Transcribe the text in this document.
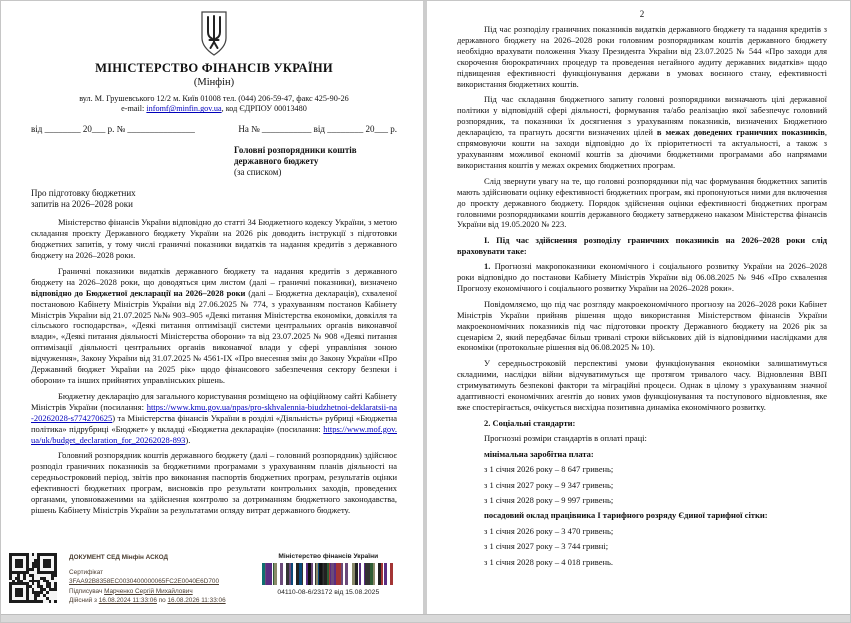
МІНІСТЕРСТВО ФІНАНСІВ УКРАЇНИ
(Мінфін)
вул. М. Грушевського 12/2 м. Київ 01008 тел. (044) 206-59-47, факс 425-90-26
e-mail: infomf@minfin.gov.ua, код ЄДРПОУ 00013480
від ________ 20___ р. № _______________	На № ___________ від ________ 20___ р.
Головні розпорядники коштів
державного бюджету
(за списком)
Про підготовку бюджетних
запитів на 2026–2028 роки

Міністерство фінансів України відповідно до статті 34 Бюджетного кодексу України, з метою складання проєкту Державного бюджету України на 2026 рік доводить інструкції з підготовки бюджетних запитів, у тому числі граничні показники видатків та надання кредитів з державного бюджету на 2026–2028 роки.

Граничні показники видатків державного бюджету та надання кредитів з державного бюджету на 2026–2028 роки, що доводяться цим листом (далі – граничні показники), визначено відповідно до Бюджетної декларації на 2026–2028 роки (далі – Бюджетна декларація), схваленої постановою Кабінету Міністрів України від 27.06.2025 № 774, з урахуванням постанов Кабінету Міністрів України від 21.07.2025 №№ 903–905 «Деякі питання Міністерства економіки, довкілля та сільського господарства», «Деякі питання оптимізації системи центральних органів виконавчої влади», «Деякі питання діяльності Міністерства оборони» та від 23.07.2025 № 908 «Деякі питання оптимізації діяльності центральних органів виконавчої влади у сфері управління зоною відчуження», Закону України від 31.07.2025 № 4561-ІХ «Про внесення змін до Закону України «Про Державний бюджет України на 2025 рік» щодо фінансового забезпечення сектору безпеки і оборони» та інших прийнятих управлінських рішень.

Бюджетну декларацію для загального користування розміщено на офіційному сайті Кабінету Міністрів України (посилання: https://www.kmu.gov.ua/npas/pro-skhvalennia-biudzhetnoi-deklaratsii-na-20262028-s774270625) та Міністерства фінансів України в розділі «Діяльність» рубриці «Бюджетна політика» підрубриці «Бюджет» у вкладці «Бюджетна декларація» (посилання: https://www.mof.gov.ua/uk/budget_declaration_for_20262028-893).

Головний розпорядник коштів державного бюджету (далі – головний розпорядник) здійснює розподіл граничних показників за бюджетними програмами з урахуванням планів діяльності на середньостроковий період, звітів про виконання паспортів бюджетних програм, результатів оцінки ефективності бюджетних програм, висновків про результати контрольних заходів, проведених органами, уповноваженими на здійснення контролю за дотриманням бюджетного законодавства, рішень Кабінету Міністрів України за результатами огляду витрат державного бюджету.

ДОКУМЕНТ СЕД Мінфін АСКОД
Сертифікат 3FAA92B8358EC0030400000065FC2E0040E6D700
Підписувач Марченко Сергій Михайлович
Дійсний з 16.08.2024 11:33:06 по 16.08.2026 11:33:06
Міністерство фінансів України
04110-08-6/23172 від 15.08.2025
2

Під час розподілу граничних показників видатків державного бюджету та надання кредитів з державного бюджету на 2026–2028 роки головним розпорядникам коштів державного бюджету необхідно врахувати положення Указу Президента України від 23.07.2025 № 544 «Про заходи для скорочення бюрократичних процедур та проведення негайного аудиту державних видатків» щодо підвищення ефективності функціонування держави в умовах воєнного стану, ефективності використання бюджетних коштів.

Під час складання бюджетного запиту головні розпорядники визначають цілі державної політики у відповідній сфері діяльності, формування та/або реалізацію якої забезпечує головний розпорядник, та показники їх досягнення з урахуванням показників, визначених Бюджетною декларацією, та прагнуть досягти визначених цілей в межах доведених граничних показників, спрямовуючи кошти на заходи відповідно до їх пріоритетності та актуальності, а також з урахуванням можливої економії коштів за діючими бюджетними програмами або напрямами використання коштів у межах окремих бюджетних програм.

Слід звернути увагу на те, що головні розпорядники під час формування бюджетних запитів мають здійснювати оцінку ефективності бюджетних програм, які пропонуються ними для включення до проєкту державного бюджету. Порядок здійснення оцінки ефективності бюджетних програм головними розпорядниками коштів державного бюджету затверджено наказом Міністерства фінансів України від 19.05.2020 № 223.

І. Під час здійснення розподілу граничних показників на 2026–2028 роки слід враховувати таке:

1. Прогнозні макропоказники економічного і соціального розвитку України на 2026–2028 роки відповідно до постанови Кабінету Міністрів України від 06.08.2025 № 946 «Про схвалення Прогнозу економічного і соціального розвитку України на 2026–2028 роки».

Повідомляємо, що під час розгляду макроекономічного прогнозу на 2026–2028 роки Кабінет Міністрів України прийняв рішення щодо використання Міністерством фінансів України макроекономічних показників під час підготовки проєкту Державного бюджету на 2026 рік за сценарієм 2, який передбачає більш тривалі строки військових дій із відповідними наслідками для економіки (протокольне рішення від 06.08.2025 № 10).

У середньостроковій перспективі умови функціонування економіки залишатимуться складними, наслідки війни відчуватимуться ще протягом тривалого часу. Відновлення ВВП стримуватимуть безпекові фактори та міграційні процеси. Однак в цілому з урахуванням значної адаптивності економічних агентів до нових умов функціонування та поступового відновлення, яке вже спостерігається, очікується висхідна позитивна динаміка економічного розвитку.

2. Соціальні стандарти:

Прогнозні розміри стандартів в оплаті праці:

мінімальна заробітна плата:

з 1 січня 2026 року – 8 647 гривень;

з 1 січня 2027 року – 9 347 гривень;

з 1 січня 2028 року – 9 997 гривень;

посадовий оклад працівника І тарифного розряду Єдиної тарифної сітки:

з 1 січня 2026 року – 3 470 гривень;

з 1 січня 2027 року – 3 744 гривні;

з 1 січня 2028 року – 4 018 гривень.
